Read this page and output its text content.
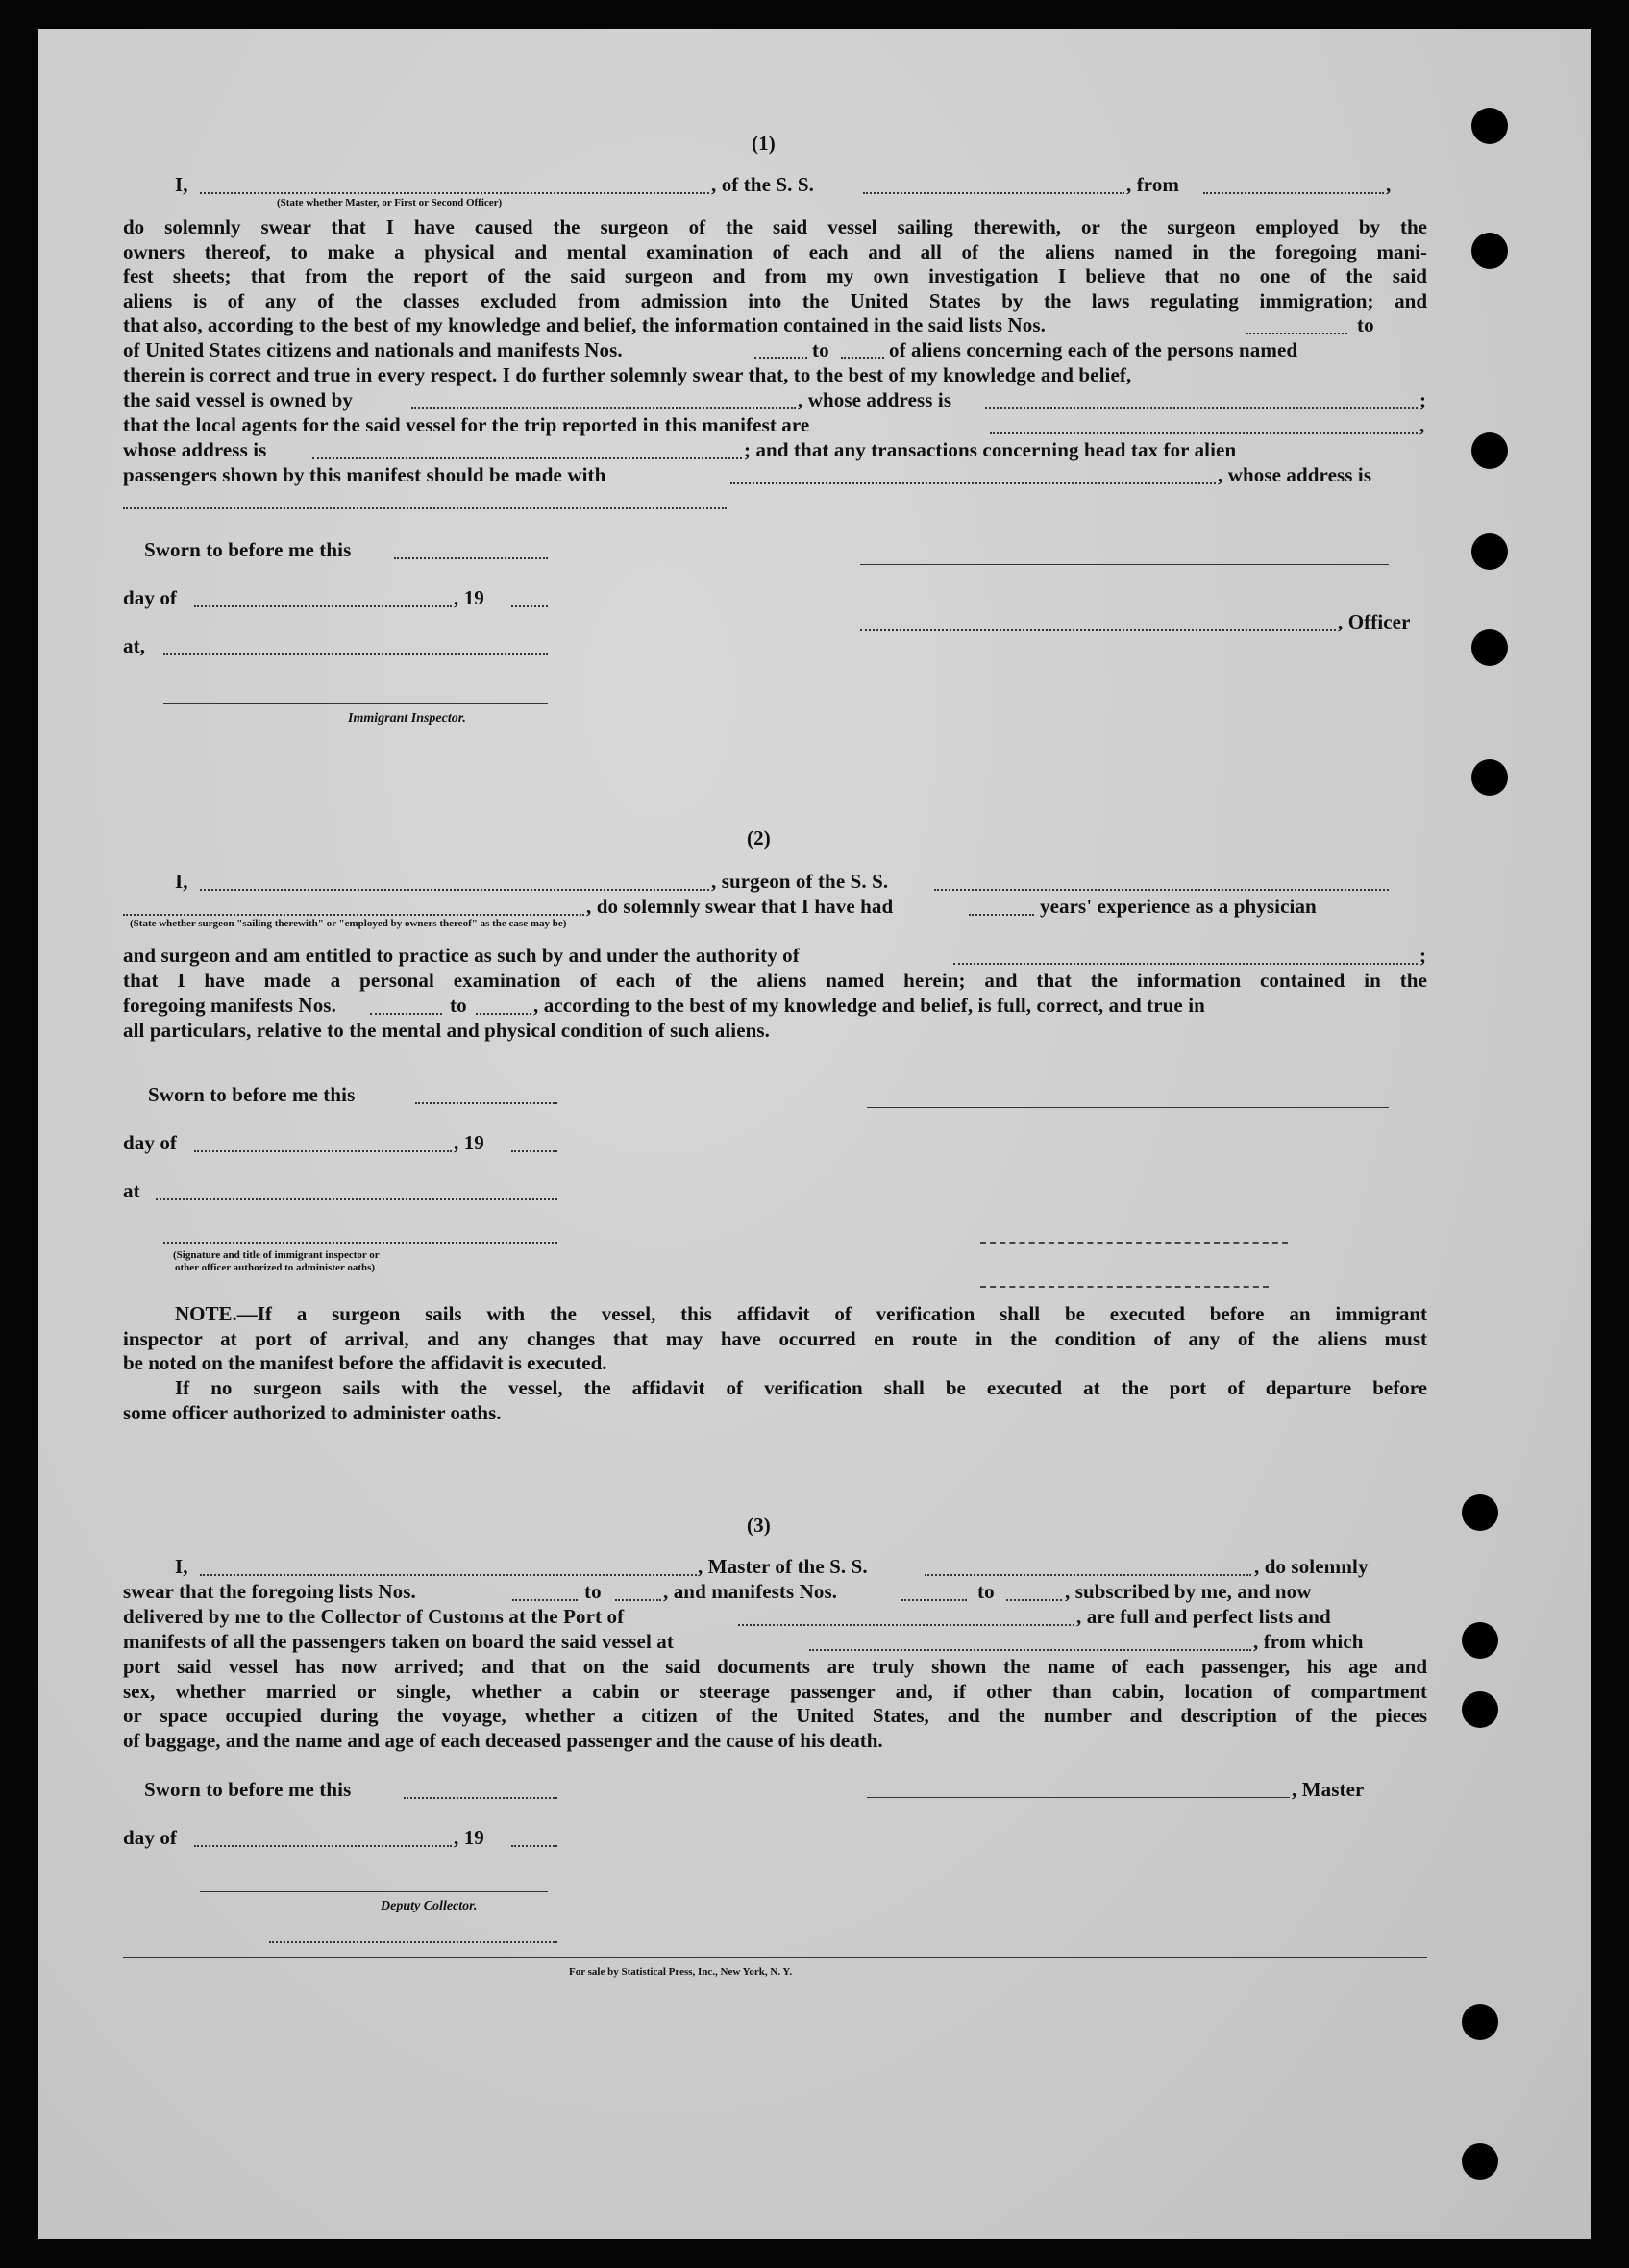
(1)
I,	, of the S. S.	, from	,
(State whether Master, or First or Second Officer)
do solemnly swear that I have caused the surgeon of the said vessel sailing therewith, or the surgeon employed by the
owners thereof, to make a physical and mental examination of each and all of the aliens named in the foregoing mani-
fest sheets; that from the report of the said surgeon and from my own investigation I believe that no one of the said
aliens is of any of the classes excluded from admission into the United States by the laws regulating immigration; and
that also, according to the best of my knowledge and belief, the information contained in the said lists Nos.	to
of United States citizens and nationals and manifests Nos.	to	of aliens concerning each of the persons named
therein is correct and true in every respect. I do further solemnly swear that, to the best of my knowledge and belief,
the said vessel is owned by	, whose address is	;
that the local agents for the said vessel for the trip reported in this manifest are	,
whose address is	; and that any transactions concerning head tax for alien
passengers shown by this manifest should be made with	, whose address is
Sworn to before me this
day of	, 19
at,
Immigrant Inspector.
, Officer
(2)
I,	, surgeon of the S. S.
, do solemnly swear that I have had	years' experience as a physician
(State whether surgeon "sailing therewith" or "employed by owners thereof" as the case may be)
and surgeon and am entitled to practice as such by and under the authority of	;
that I have made a personal examination of each of the aliens named herein; and that the information contained in the
foregoing manifests Nos.	to	, according to the best of my knowledge and belief, is full, correct, and true in
all particulars, relative to the mental and physical condition of such aliens.
Sworn to before me this
day of	, 19
at
(Signature and title of immigrant inspector or
other officer authorized to administer oaths)
NOTE.—If a surgeon sails with the vessel, this affidavit of verification shall be executed before an immigrant
inspector at port of arrival, and any changes that may have occurred en route in the condition of any of the aliens must
be noted on the manifest before the affidavit is executed.
If no surgeon sails with the vessel, the affidavit of verification shall be executed at the port of departure before
some officer authorized to administer oaths.
(3)
I,	, Master of the S. S.	, do solemnly
swear that the foregoing lists Nos.	to	, and manifests Nos.	to	, subscribed by me, and now
delivered by me to the Collector of Customs at the Port of	, are full and perfect lists and
manifests of all the passengers taken on board the said vessel at	, from which
port said vessel has now arrived; and that on the said documents are truly shown the name of each passenger, his age and
sex, whether married or single, whether a cabin or steerage passenger and, if other than cabin, location of compartment
or space occupied during the voyage, whether a citizen of the United States, and the number and description of the pieces
of baggage, and the name and age of each deceased passenger and the cause of his death.
Sworn to before me this	, Master
day of	, 19
Deputy Collector.
For sale by Statistical Press, Inc., New York, N. Y.
